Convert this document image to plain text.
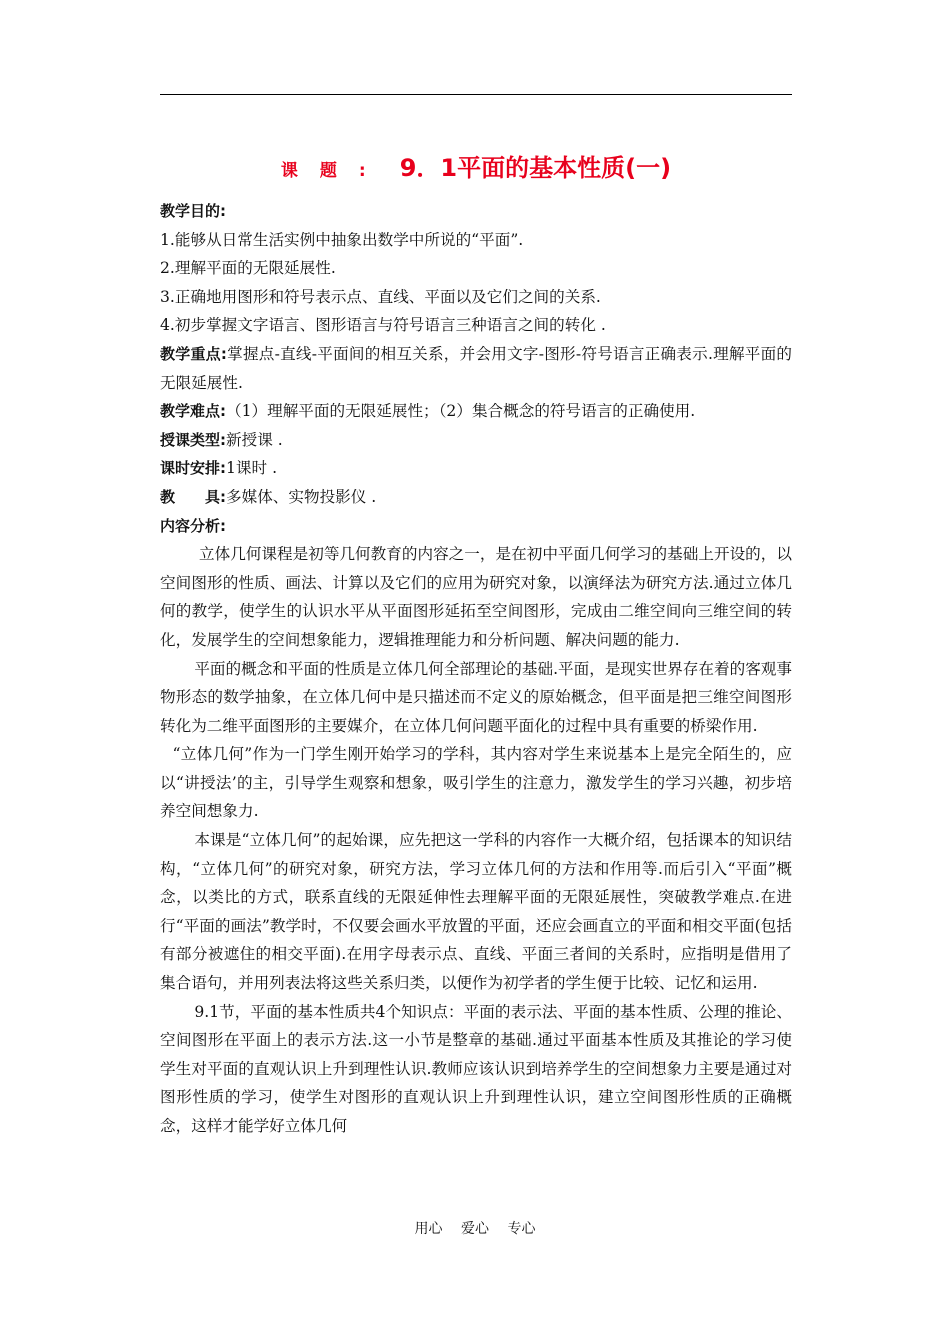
课题: 9．1平面的基本性质(一)

教学目的:

1.能够从日常生活实例中抽象出数学中所说的“平面”.

2.理解平面的无限延展性.

3.正确地用图形和符号表示点、直线、平面以及它们之间的关系.

4.初步掌握文字语言、图形语言与符号语言三种语言之间的转化 .

教学重点:掌握点-直线-平面间的相互关系，并会用文字-图形-符号语言正确表示.理解平面的无限延展性.

教学难点:（1）理解平面的无限延展性；（2）集合概念的符号语言的正确使用.

授课类型:新授课 .

课时安排:1课时 .

教　　具:多媒体、实物投影仪 .

内容分析:

立体几何课程是初等几何教育的内容之一，是在初中平面几何学习的基础上开设的，以空间图形的性质、画法、计算以及它们的应用为研究对象，以演绎法为研究方法.通过立体几何的教学，使学生的认识水平从平面图形延拓至空间图形，完成由二维空间向三维空间的转化，发展学生的空间想象能力，逻辑推理能力和分析问题、解决问题的能力.

平面的概念和平面的性质是立体几何全部理论的基础.平面，是现实世界存在着的客观事物形态的数学抽象，在立体几何中是只描述而不定义的原始概念，但平面是把三维空间图形转化为二维平面图形的主要媒介，在立体几何问题平面化的过程中具有重要的桥梁作用.

“立体几何”作为一门学生刚开始学习的学科，其内容对学生来说基本上是完全陌生的，应以“讲授法’的主，引导学生观察和想象，吸引学生的注意力，激发学生的学习兴趣，初步培养空间想象力.

本课是“立体几何”的起始课，应先把这一学科的内容作一大概介绍，包括课本的知识结构，“立体几何”的研究对象，研究方法，学习立体几何的方法和作用等.而后引入“平面”概念，以类比的方式，联系直线的无限延伸性去理解平面的无限延展性，突破教学难点.在进行“平面的画法”教学时，不仅要会画水平放置的平面，还应会画直立的平面和相交平面(包括有部分被遮住的相交平面).在用字母表示点、直线、平面三者间的关系时，应指明是借用了集合语句，并用列表法将这些关系归类，以便作为初学者的学生便于比较、记忆和运用.

9.1节，平面的基本性质共4个知识点：平面的表示法、平面的基本性质、公理的推论、空间图形在平面上的表示方法.这一小节是整章的基础.通过平面基本性质及其推论的学习使学生对平面的直观认识上升到理性认识.教师应该认识到培养学生的空间想象力主要是通过对图形性质的学习，使学生对图形的直观认识上升到理性认识，建立空间图形性质的正确概念，这样才能学好立体几何

用心 爱心 专心
